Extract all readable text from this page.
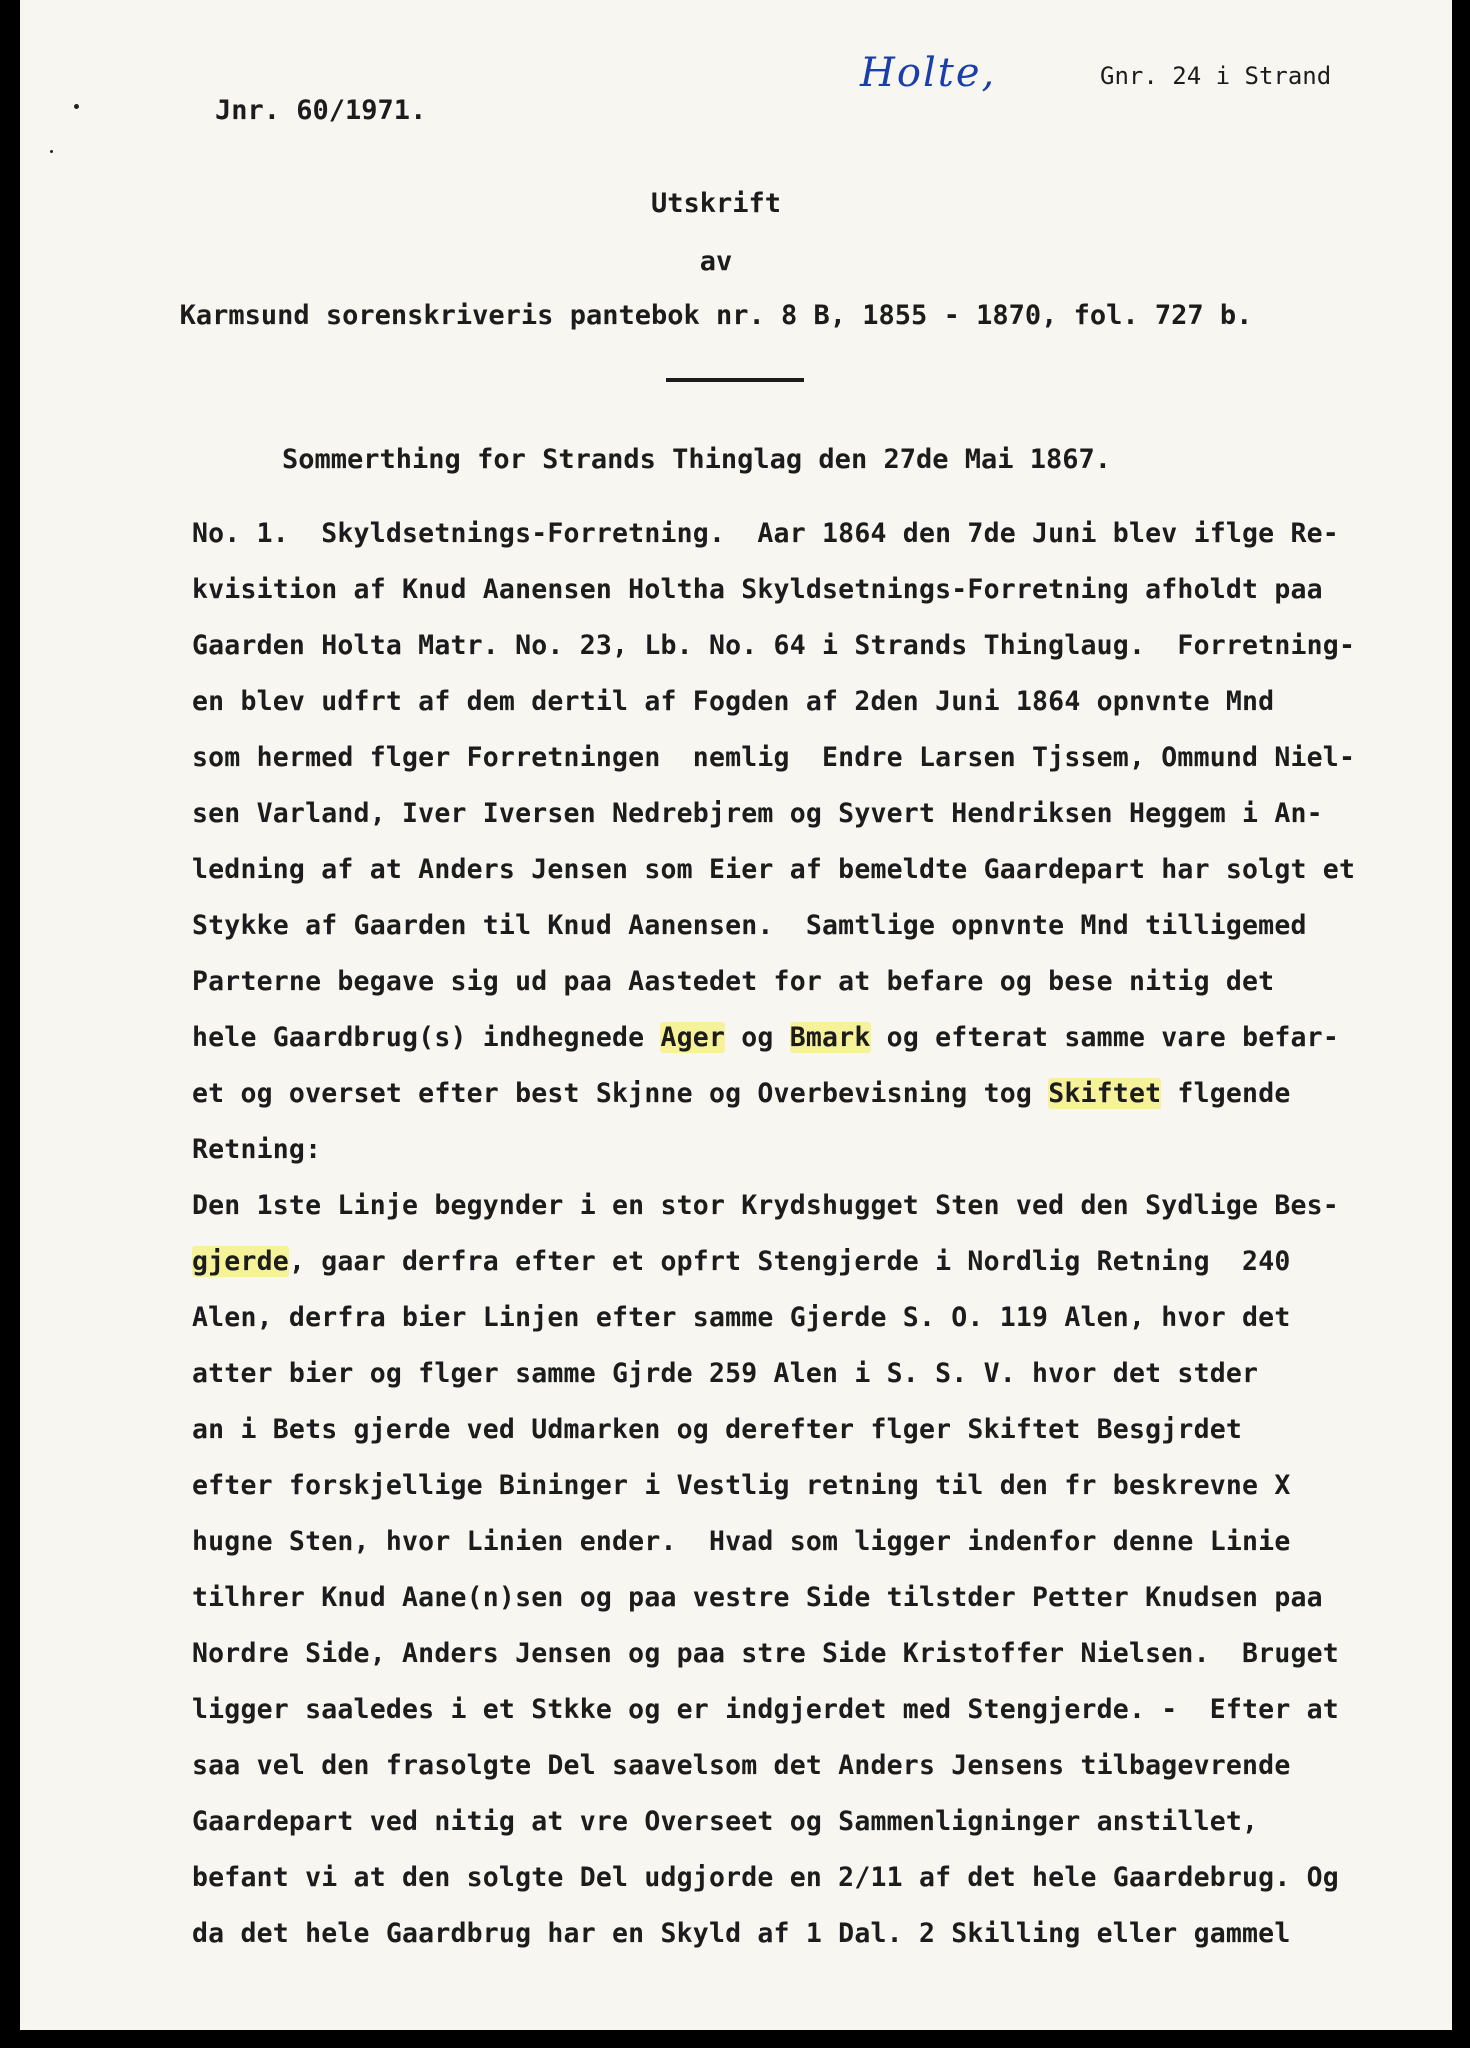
Holte,	Gnr. 24 i Strand
Jnr. 60/1971.
Utskrift
av
Karmsund sorenskriveris pantebok nr. 8 B, 1855 - 1870, fol. 727 b.
Sommerthing for Strands Thinglag den 27de Mai 1867.
No. 1.  Skyldsetnings-Forretning.  Aar 1864 den 7de Juni blev iflge Re-
kvisition af Knud Aanensen Holtha Skyldsetnings-Forretning afholdt paa
Gaarden Holta Matr. No. 23, Lb. No. 64 i Strands Thinglaug.  Forretning-
en blev udfrt af dem dertil af Fogden af 2den Juni 1864 opnvnte Mnd
som hermed flger Forretningen  nemlig  Endre Larsen Tjssem, Ommund Niel-
sen Varland, Iver Iversen Nedrebjrem og Syvert Hendriksen Heggem i An-
ledning af at Anders Jensen som Eier af bemeldte Gaardepart har solgt et
Stykke af Gaarden til Knud Aanensen.  Samtlige opnvnte Mnd tilligemed
Parterne begave sig ud paa Aastedet for at befare og bese nitig det
hele Gaardbrug(s) indhegnede Ager og Bmark og efterat samme vare befar-
et og overset efter best Skjnne og Overbevisning tog Skiftet flgende
Retning:
Den 1ste Linje begynder i en stor Krydshugget Sten ved den Sydlige Bes-
gjerde, gaar derfra efter et opfrt Stengjerde i Nordlig Retning  240
Alen, derfra bier Linjen efter samme Gjerde S. O. 119 Alen, hvor det
atter bier og flger samme Gjrde 259 Alen i S. S. V. hvor det stder
an i Bets gjerde ved Udmarken og derefter flger Skiftet Besgjrdet
efter forskjellige Bininger i Vestlig retning til den fr beskrevne X
hugne Sten, hvor Linien ender.  Hvad som ligger indenfor denne Linie
tilhrer Knud Aane(n)sen og paa vestre Side tilstder Petter Knudsen paa
Nordre Side, Anders Jensen og paa stre Side Kristoffer Nielsen.  Bruget
ligger saaledes i et Stkke og er indgjerdet med Stengjerde. -  Efter at
saa vel den frasolgte Del saavelsom det Anders Jensens tilbagevrende
Gaardepart ved nitig at vre Overseet og Sammenligninger anstillet,
befant vi at den solgte Del udgjorde en 2/11 af det hele Gaardebrug. Og
da det hele Gaardbrug har en Skyld af 1 Dal. 2 Skilling eller gammel
